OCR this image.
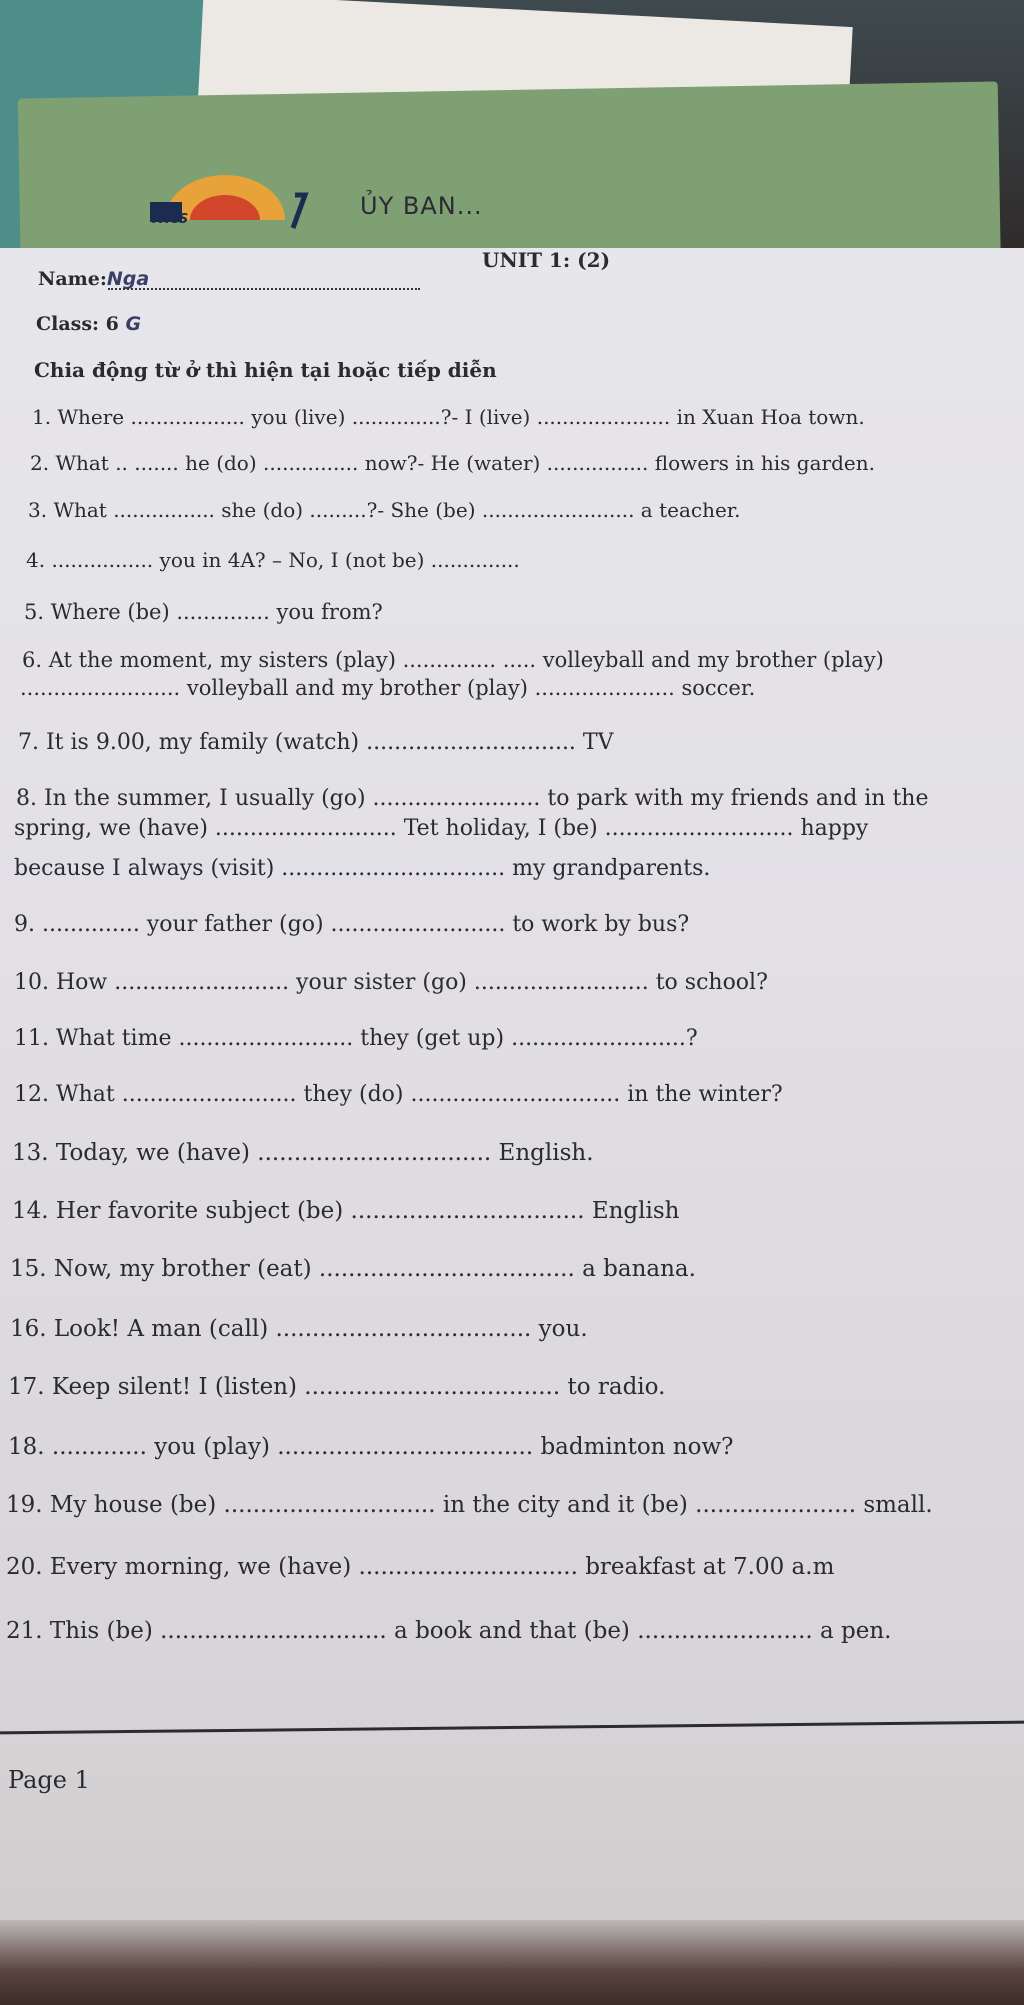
THCS	ỦY BAN...
Name:Nga
UNIT 1: (2)
Class: 6 G
Chia động từ ở thì hiện tại hoặc tiếp diễn
1. Where .................. you (live) ..............?- I (live) ..................... in Xuan Hoa town.
2. What .. ....... he (do) ............... now?- He (water) ................ flowers in his garden.
3. What ................ she (do) .........?- She (be) ........................ a teacher.
4. ................ you in 4A? – No, I (not be) ..............
5. Where (be) .............. you from?
6. At the moment, my sisters (play) .............. ..... volleyball and my brother (play)
........................ volleyball and my brother (play) ..................... soccer.
7. It is 9.00, my family (watch) .............................. TV
8. In the summer, I usually (go) ........................ to park with my friends and in the
spring, we (have) .......................... Tet holiday, I (be) ........................... happy
because I always (visit) ................................ my grandparents.
9. .............. your father (go) ......................... to work by bus?
10. How ......................... your sister (go) ......................... to school?
11. What time ......................... they (get up) .........................?
12. What ......................... they (do) .............................. in the winter?
13. Today, we (have) ................................ English.
14. Her favorite subject (be) ................................ English
15. Now, my brother (eat) ................................... a banana.
16. Look! A man (call) ................................... you.
17. Keep silent! I (listen) ................................... to radio.
18. ............. you (play) ................................... badminton now?
19. My house (be) ............................. in the city and it (be) ...................... small.
20. Every morning, we (have) .............................. breakfast at 7.00 a.m
21. This (be) ............................... a book and that (be) ........................ a pen.
Page 1
